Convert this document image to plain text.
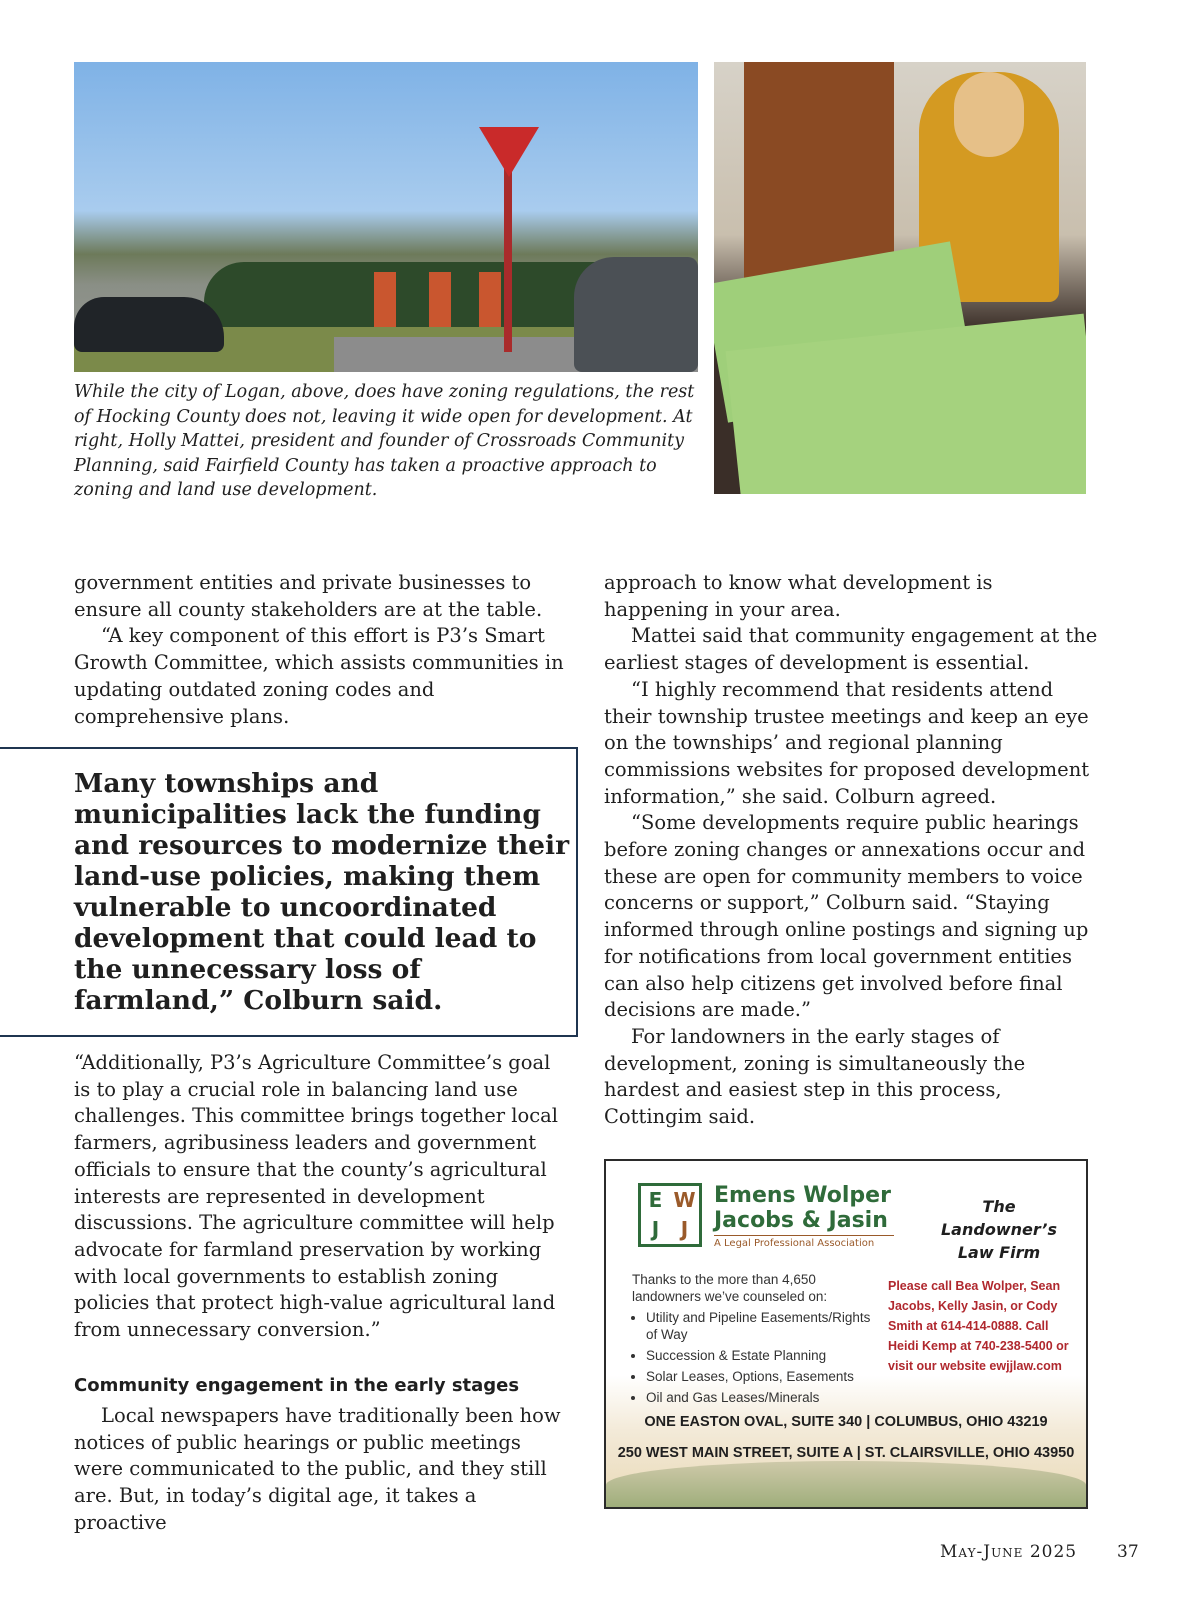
While the city of Logan, above, does have zoning regulations, the rest of Hocking County does not, leaving it wide open for development. At right, Holly Mattei, president and founder of Crossroads Community Planning, said Fairfield County has taken a proactive approach to zoning and land use development.

government entities and private businesses to ensure all county stakeholders are at the table.

“A key component of this effort is P3’s Smart Growth Committee, which assists communities in updating outdated zoning codes and comprehensive plans.

Many townships and municipalities lack the funding and resources to modernize their land-use policies, making them vulnerable to uncoordinated development that could lead to the unnecessary loss of farmland,” Colburn said.

“Additionally, P3’s Agriculture Committee’s goal is to play a crucial role in balancing land use challenges. This committee brings together local farmers, agribusiness leaders and government officials to ensure that the county’s agricultural interests are represented in development discussions. The agriculture committee will help advocate for farmland preservation by working with local governments to establish zoning policies that protect high-value agricultural land from unnecessary conversion.”

Community engagement in the early stages

Local newspapers have traditionally been how notices of public hearings or public meetings were communicated to the public, and they still are. But, in today’s digital age, it takes a proactive

approach to know what development is happening in your area.

Mattei said that community engagement at the earliest stages of development is essential.

“I highly recommend that residents attend their township trustee meetings and keep an eye on the townships’ and regional planning commissions websites for proposed development information,” she said. Colburn agreed.

“Some developments require public hearings before zoning changes or annexations occur and these are open for community members to voice concerns or support,” Colburn said. “Staying informed through online postings and signing up for notifications from local government entities can also help citizens get involved before final decisions are made.”

For landowners in the early stages of development, zoning is simultaneously the hardest and easiest step in this process, Cottingim said.

E W
J	J
Emens Wolper
Jacobs & Jasin
A Legal Professional Association
The Landowner’s Law Firm
Thanks to the more than 4,650 landowners we’ve counseled on:
• Utility and Pipeline Easements/Rights of Way
• Succession & Estate Planning
• Solar Leases, Options, Easements
• Oil and Gas Leases/Minerals
Please call Bea Wolper, Sean Jacobs, Kelly Jasin, or Cody Smith at 614-414-0888. Call Heidi Kemp at 740-238-5400 or visit our website ewjjlaw.com
ONE EASTON OVAL, SUITE 340 | COLUMBUS, OHIO 43219
250 WEST MAIN STREET, SUITE A | ST. CLAIRSVILLE, OHIO 43950
May-June 2025 37
